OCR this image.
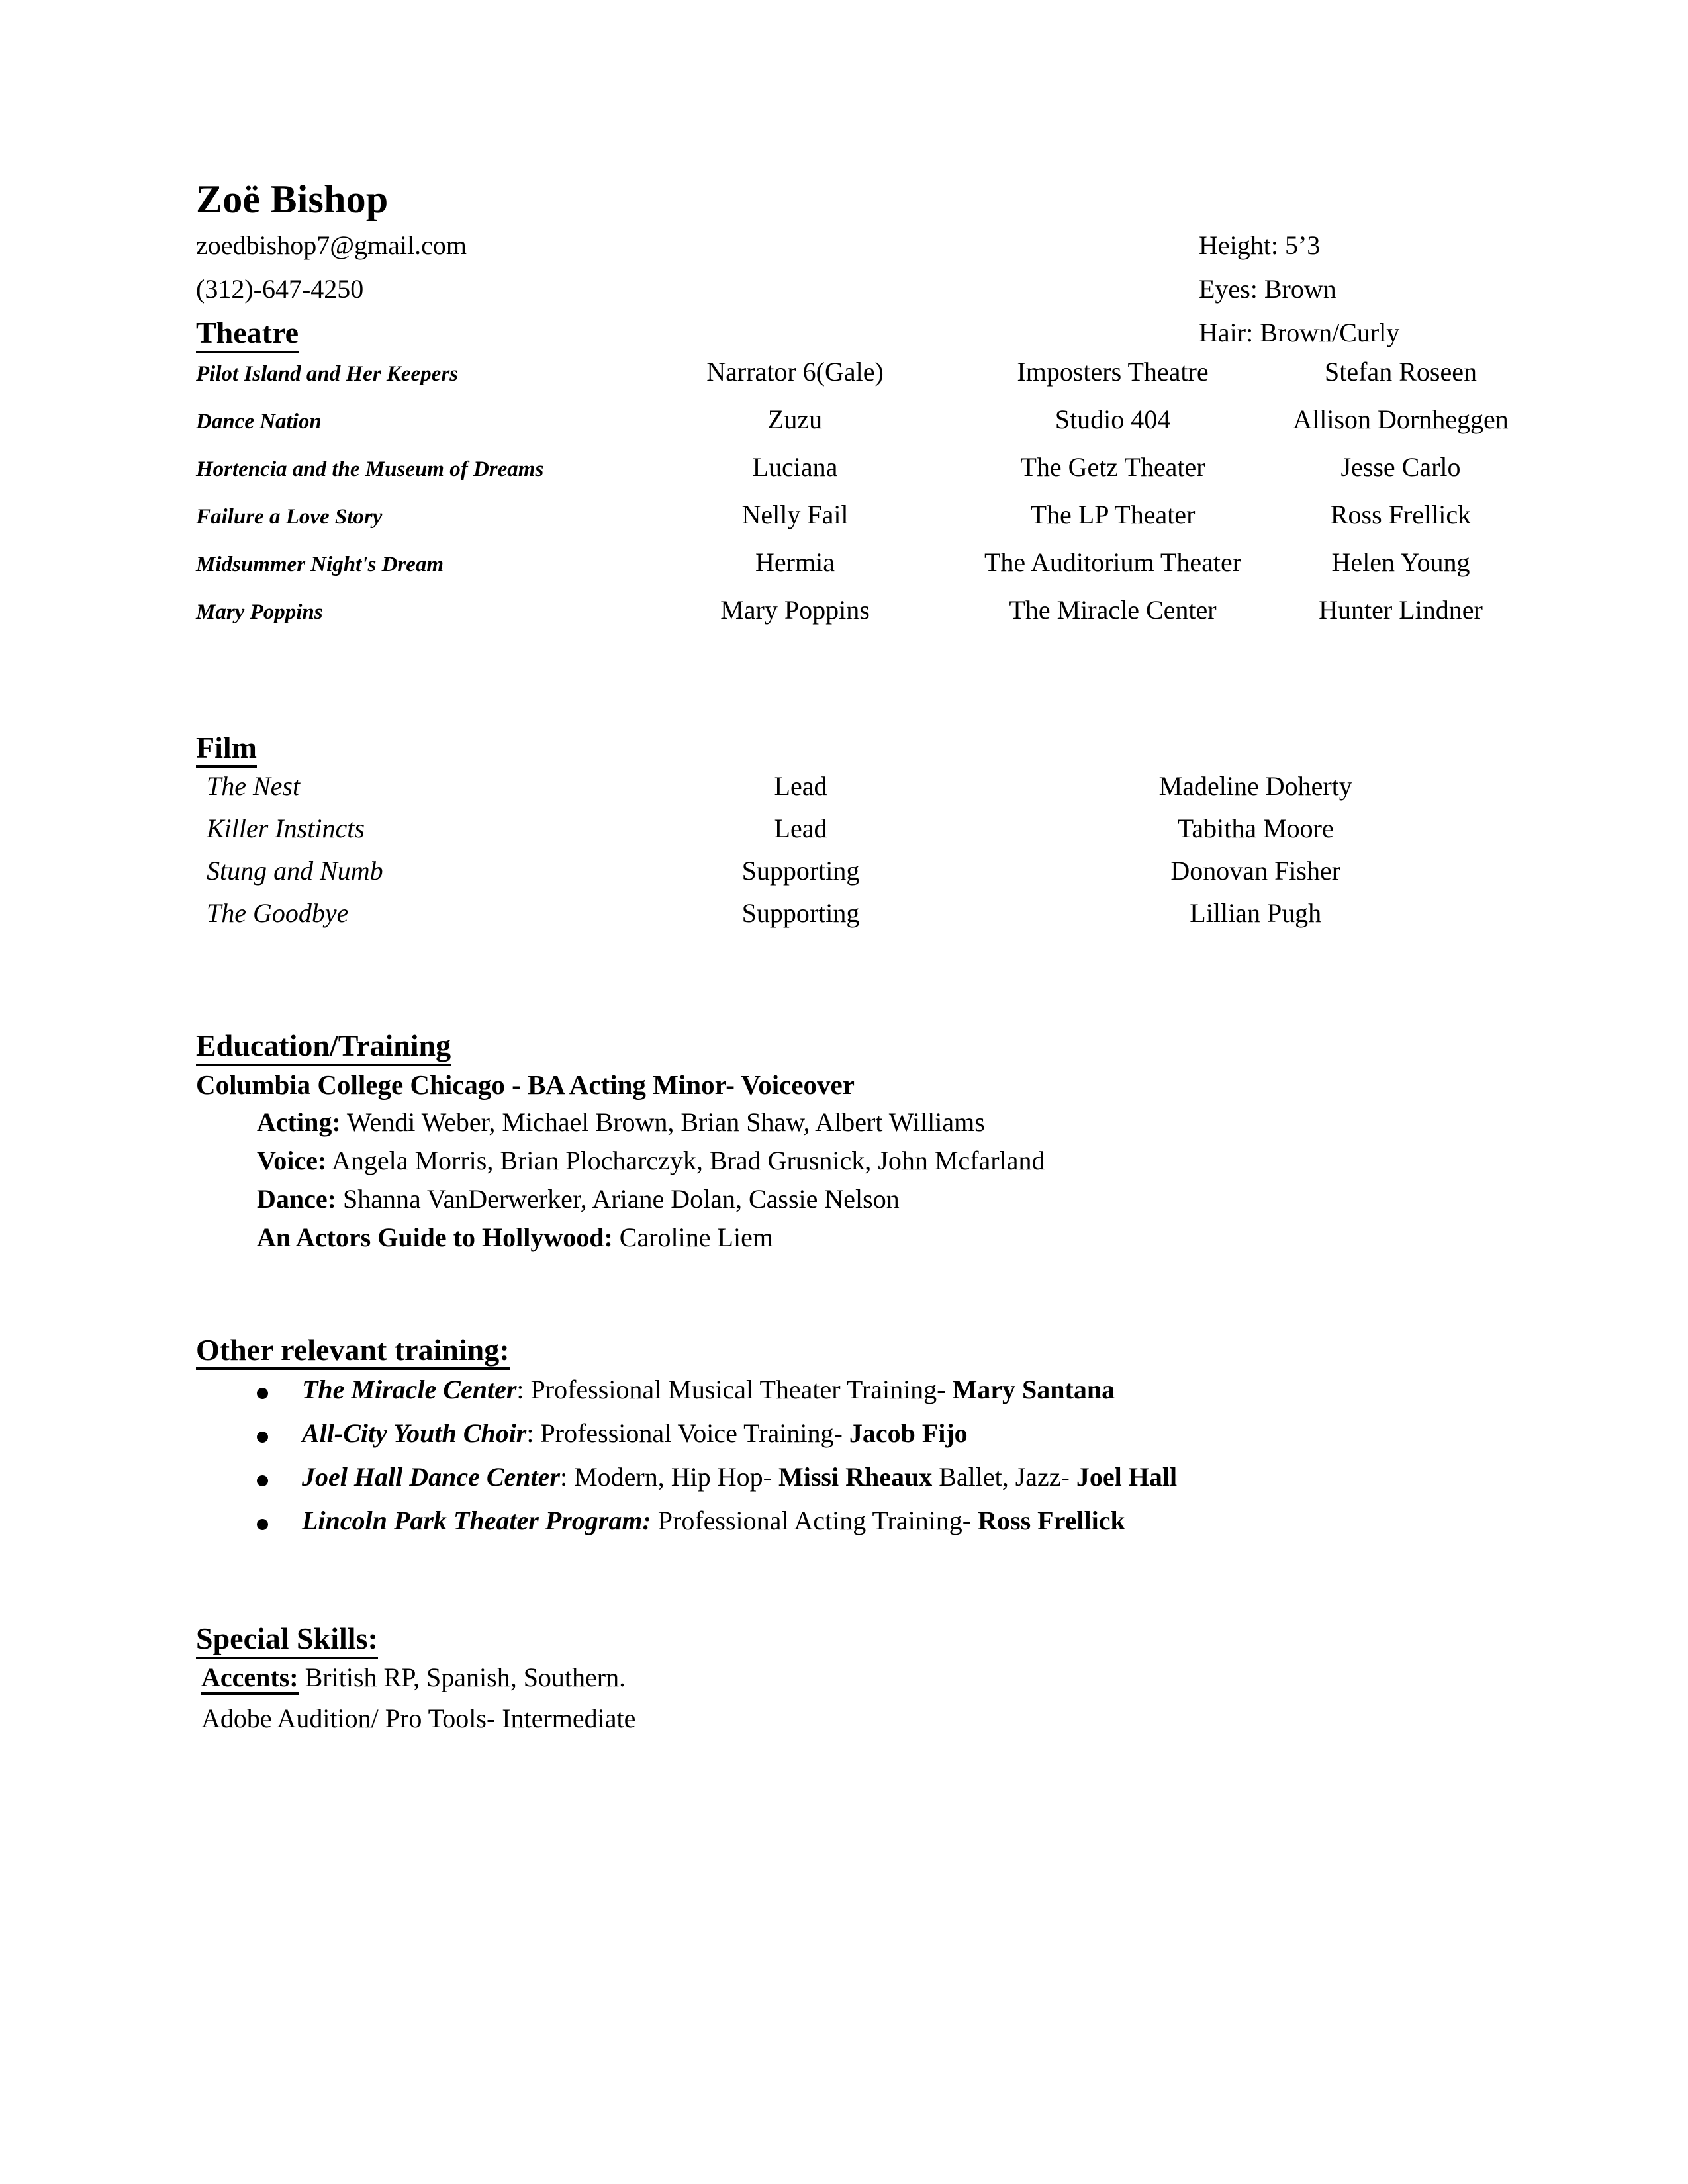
Zoë Bishop
zoedbishop7@gmail.com
(312)-647-4250
Height: 5’3
Eyes: Brown
Hair: Brown/Curly
Theatre
Pilot Island and Her Keepers	Narrator 6(Gale)	Imposters Theatre	Stefan Roseen
Dance Nation	Zuzu	Studio 404	Allison Dornheggen
Hortencia and the Museum of Dreams	Luciana	The Getz Theater	Jesse Carlo
Failure a Love Story	Nelly Fail	The LP Theater	Ross Frellick
Midsummer Night's Dream	Hermia	The Auditorium Theater	Helen Young
Mary Poppins	Mary Poppins	The Miracle Center	Hunter Lindner
Film
The Nest	Lead	Madeline Doherty
Killer Instincts	Lead	Tabitha Moore
Stung and Numb	Supporting	Donovan Fisher
The Goodbye	Supporting	Lillian Pugh
Education/Training
Columbia College Chicago - BA Acting Minor- Voiceover
Acting: Wendi Weber, Michael Brown, Brian Shaw, Albert Williams
Voice: Angela Morris, Brian Plocharczyk, Brad Grusnick, John Mcfarland
Dance: Shanna VanDerwerker, Ariane Dolan, Cassie Nelson
An Actors Guide to Hollywood: Caroline Liem
Other relevant training:
The Miracle Center: Professional Musical Theater Training- Mary Santana
All-City Youth Choir: Professional Voice Training- Jacob Fijo
Joel Hall Dance Center: Modern, Hip Hop- Missi Rheaux Ballet, Jazz- Joel Hall
Lincoln Park Theater Program: Professional Acting Training- Ross Frellick
Special Skills:
Accents: British RP, Spanish, Southern.
Adobe Audition/ Pro Tools- Intermediate
